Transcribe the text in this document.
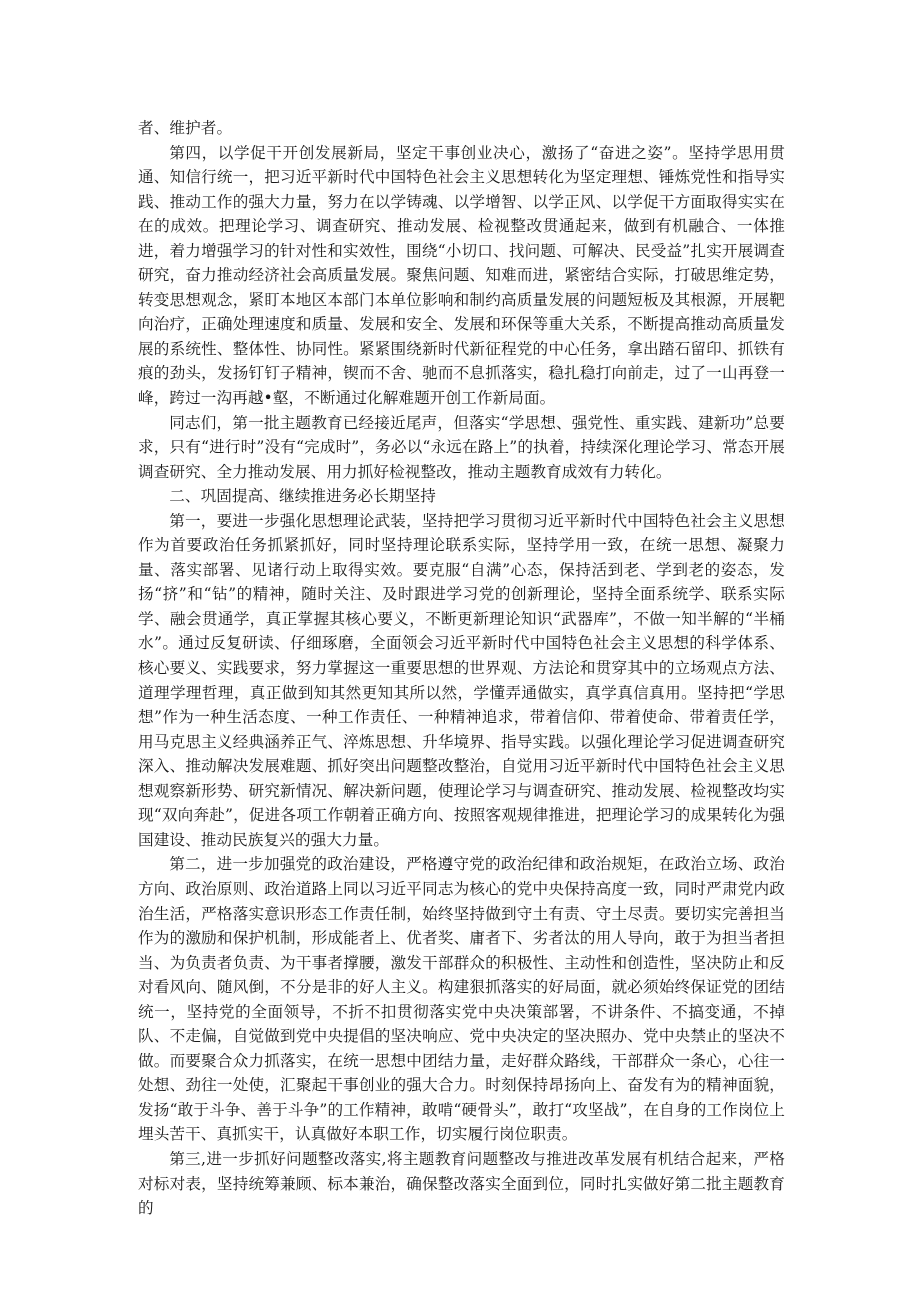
者、维护者。

第四，以学促干开创发展新局，坚定干事创业决心，激扬了“奋进之姿”。坚持学思用贯通、知信行统一，把习近平新时代中国特色社会主义思想转化为坚定理想、锤炼党性和指导实践、推动工作的强大力量，努力在以学铸魂、以学增智、以学正风、以学促干方面取得实实在在的成效。把理论学习、调查研究、推动发展、检视整改贯通起来，做到有机融合、一体推进，着力增强学习的针对性和实效性，围绕“小切口、找问题、可解决、民受益”扎实开展调查研究，奋力推动经济社会高质量发展。聚焦问题、知难而进，紧密结合实际，打破思维定势，转变思想观念，紧盯本地区本部门本单位影响和制约高质量发展的问题短板及其根源，开展靶向治疗，正确处理速度和质量、发展和安全、发展和环保等重大关系，不断提高推动高质量发展的系统性、整体性、协同性。紧紧围绕新时代新征程党的中心任务，拿出踏石留印、抓铁有痕的劲头，发扬钉钉子精神，锲而不舍、驰而不息抓落实，稳扎稳打向前走，过了一山再登一峰，跨过一沟再越•壑，不断通过化解难题开创工作新局面。

同志们，第一批主题教育已经接近尾声，但落实“学思想、强党性、重实践、建新功”总要求，只有“进行时”没有“完成时”，务必以“永远在路上”的执着，持续深化理论学习、常态开展调查研究、全力推动发展、用力抓好检视整改，推动主题教育成效有力转化。

二、巩固提高、继续推进务必长期坚持

第一，要进一步强化思想理论武装，坚持把学习贯彻习近平新时代中国特色社会主义思想作为首要政治任务抓紧抓好，同时坚持理论联系实际，坚持学用一致，在统一思想、凝聚力量、落实部署、见诸行动上取得实效。要克服“自满”心态，保持活到老、学到老的姿态，发扬“挤”和“钻”的精神，随时关注、及时跟进学习党的创新理论，坚持全面系统学、联系实际学、融会贯通学，真正掌握其核心要义，不断更新理论知识“武器库”，不做一知半解的“半桶水”。通过反复研读、仔细琢磨，全面领会习近平新时代中国特色社会主义思想的科学体系、核心要义、实践要求，努力掌握这一重要思想的世界观、方法论和贯穿其中的立场观点方法、道理学理哲理，真正做到知其然更知其所以然，学懂弄通做实，真学真信真用。坚持把“学思想”作为一种生活态度、一种工作责任、一种精神追求，带着信仰、带着使命、带着责任学，用马克思主义经典涵养正气、淬炼思想、升华境界、指导实践。以强化理论学习促进调查研究深入、推动解决发展难题、抓好突出问题整改整治，自觉用习近平新时代中国特色社会主义思想观察新形势、研究新情况、解决新问题，使理论学习与调查研究、推动发展、检视整改均实现“双向奔赴”，促进各项工作朝着正确方向、按照客观规律推进，把理论学习的成果转化为强国建设、推动民族复兴的强大力量。

第二，进一步加强党的政治建设，严格遵守党的政治纪律和政治规矩，在政治立场、政治方向、政治原则、政治道路上同以习近平同志为核心的党中央保持高度一致，同时严肃党内政治生活，严格落实意识形态工作责任制，始终坚持做到守土有责、守土尽责。要切实完善担当作为的激励和保护机制，形成能者上、优者奖、庸者下、劣者汰的用人导向，敢于为担当者担当、为负责者负责、为干事者撑腰，激发干部群众的积极性、主动性和创造性，坚决防止和反对看风向、随风倒，不分是非的好人主义。构建狠抓落实的好局面，就必须始终保证党的团结统一，坚持党的全面领导，不折不扣贯彻落实党中央决策部署，不讲条件、不搞变通，不掉队、不走偏，自觉做到党中央提倡的坚决响应、党中央决定的坚决照办、党中央禁止的坚决不做。而要聚合众力抓落实，在统一思想中团结力量，走好群众路线，干部群众一条心，心往一处想、劲往一处使，汇聚起干事创业的强大合力。时刻保持昂扬向上、奋发有为的精神面貌，发扬“敢于斗争、善于斗争”的工作精神，敢啃“硬骨头”，敢打“攻坚战”，在自身的工作岗位上埋头苦干、真抓实干，认真做好本职工作，切实履行岗位职责。

第三,进一步抓好问题整改落实,将主题教育问题整改与推进改革发展有机结合起来，严格对标对表，坚持统筹兼顾、标本兼治，确保整改落实全面到位，同时扎实做好第二批主题教育的
